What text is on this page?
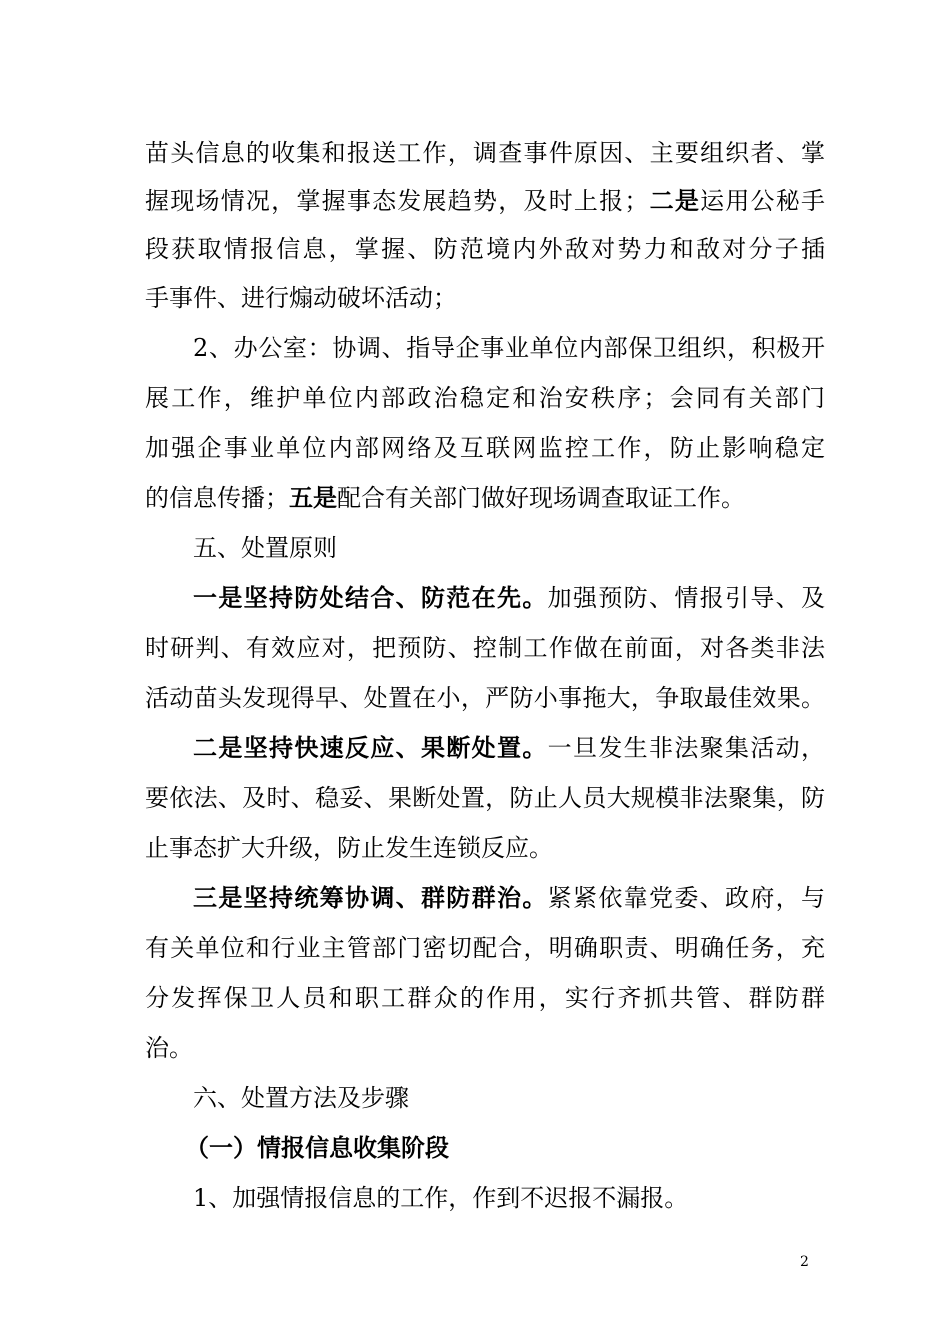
苗头信息的收集和报送工作，调查事件原因、主要组织者、掌
握现场情况，掌握事态发展趋势，及时上报；二是运用公秘手
段获取情报信息，掌握、防范境内外敌对势力和敌对分子插
手事件、进行煽动破坏活动；
2、办公室：协调、指导企事业单位内部保卫组织，积极开
展工作，维护单位内部政治稳定和治安秩序；会同有关部门
加强企事业单位内部网络及互联网监控工作，防止影响稳定
的信息传播；五是配合有关部门做好现场调查取证工作。
五、处置原则
一是坚持防处结合、防范在先。加强预防、情报引导、及
时研判、有效应对，把预防、控制工作做在前面，对各类非法
活动苗头发现得早、处置在小，严防小事拖大，争取最佳效果。
二是坚持快速反应、果断处置。一旦发生非法聚集活动，
要依法、及时、稳妥、果断处置，防止人员大规模非法聚集，防
止事态扩大升级，防止发生连锁反应。
三是坚持统筹协调、群防群治。紧紧依靠党委、政府，与
有关单位和行业主管部门密切配合，明确职责、明确任务，充
分发挥保卫人员和职工群众的作用，实行齐抓共管、群防群
治。
六、处置方法及步骤
（一）情报信息收集阶段
1、加强情报信息的工作，作到不迟报不漏报。
2
